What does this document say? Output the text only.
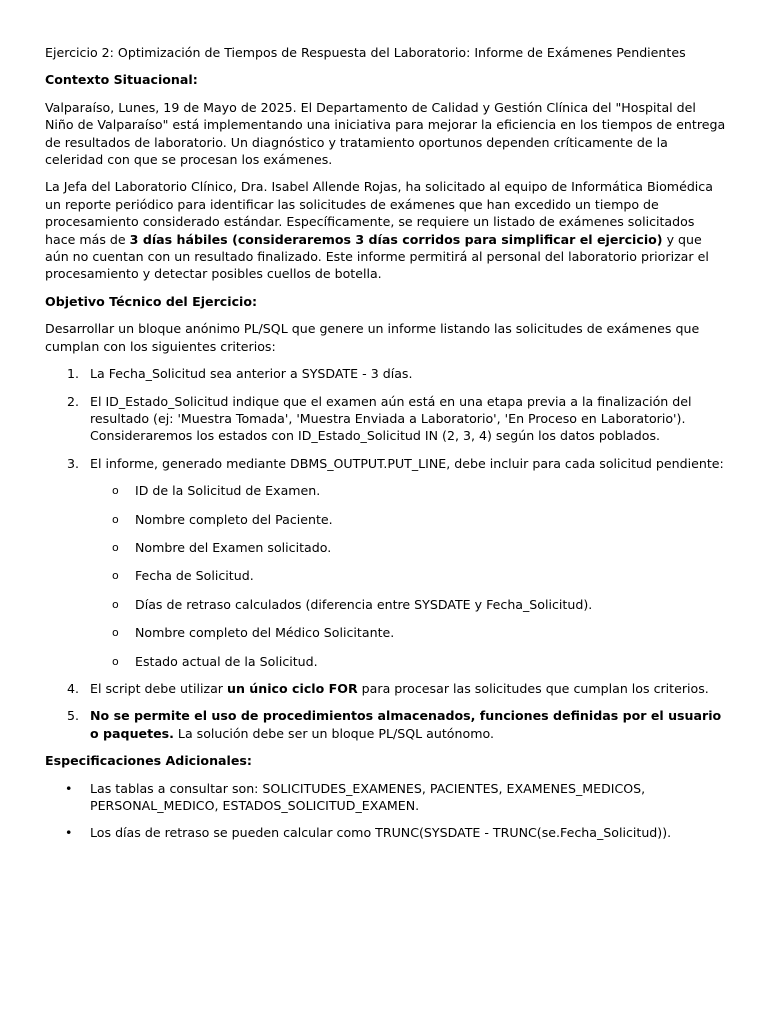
Ejercicio 2: Optimización de Tiempos de Respuesta del Laboratorio: Informe de Exámenes Pendientes

Contexto Situacional:

Valparaíso, Lunes, 19 de Mayo de 2025. El Departamento de Calidad y Gestión Clínica del "Hospital del Niño de Valparaíso" está implementando una iniciativa para mejorar la eficiencia en los tiempos de entrega de resultados de laboratorio. Un diagnóstico y tratamiento oportunos dependen críticamente de la celeridad con que se procesan los exámenes.

La Jefa del Laboratorio Clínico, Dra. Isabel Allende Rojas, ha solicitado al equipo de Informática Biomédica un reporte periódico para identificar las solicitudes de exámenes que han excedido un tiempo de procesamiento considerado estándar. Específicamente, se requiere un listado de exámenes solicitados hace más de 3 días hábiles (consideraremos 3 días corridos para simplificar el ejercicio) y que aún no cuentan con un resultado finalizado. Este informe permitirá al personal del laboratorio priorizar el procesamiento y detectar posibles cuellos de botella.

Objetivo Técnico del Ejercicio:

Desarrollar un bloque anónimo PL/SQL que genere un informe listando las solicitudes de exámenes que cumplan con los siguientes criterios:

1. La Fecha_Solicitud sea anterior a SYSDATE - 3 días.
2. El ID_Estado_Solicitud indique que el examen aún está en una etapa previa a la finalización del resultado (ej: 'Muestra Tomada', 'Muestra Enviada a Laboratorio', 'En Proceso en Laboratorio'). Consideraremos los estados con ID_Estado_Solicitud IN (2, 3, 4) según los datos poblados.
3. El informe, generado mediante DBMS_OUTPUT.PUT_LINE, debe incluir para cada solicitud pendiente:
o ID de la Solicitud de Examen.
o Nombre completo del Paciente.
o Nombre del Examen solicitado.
o Fecha de Solicitud.
o Días de retraso calculados (diferencia entre SYSDATE y Fecha_Solicitud).
o Nombre completo del Médico Solicitante.
o Estado actual de la Solicitud.
4. El script debe utilizar un único ciclo FOR para procesar las solicitudes que cumplan los criterios.
5. No se permite el uso de procedimientos almacenados, funciones definidas por el usuario o paquetes. La solución debe ser un bloque PL/SQL autónomo.

Especificaciones Adicionales:

• Las tablas a consultar son: SOLICITUDES_EXAMENES, PACIENTES, EXAMENES_MEDICOS, PERSONAL_MEDICO, ESTADOS_SOLICITUD_EXAMEN.
• Los días de retraso se pueden calcular como TRUNC(SYSDATE - TRUNC(se.Fecha_Solicitud)).
